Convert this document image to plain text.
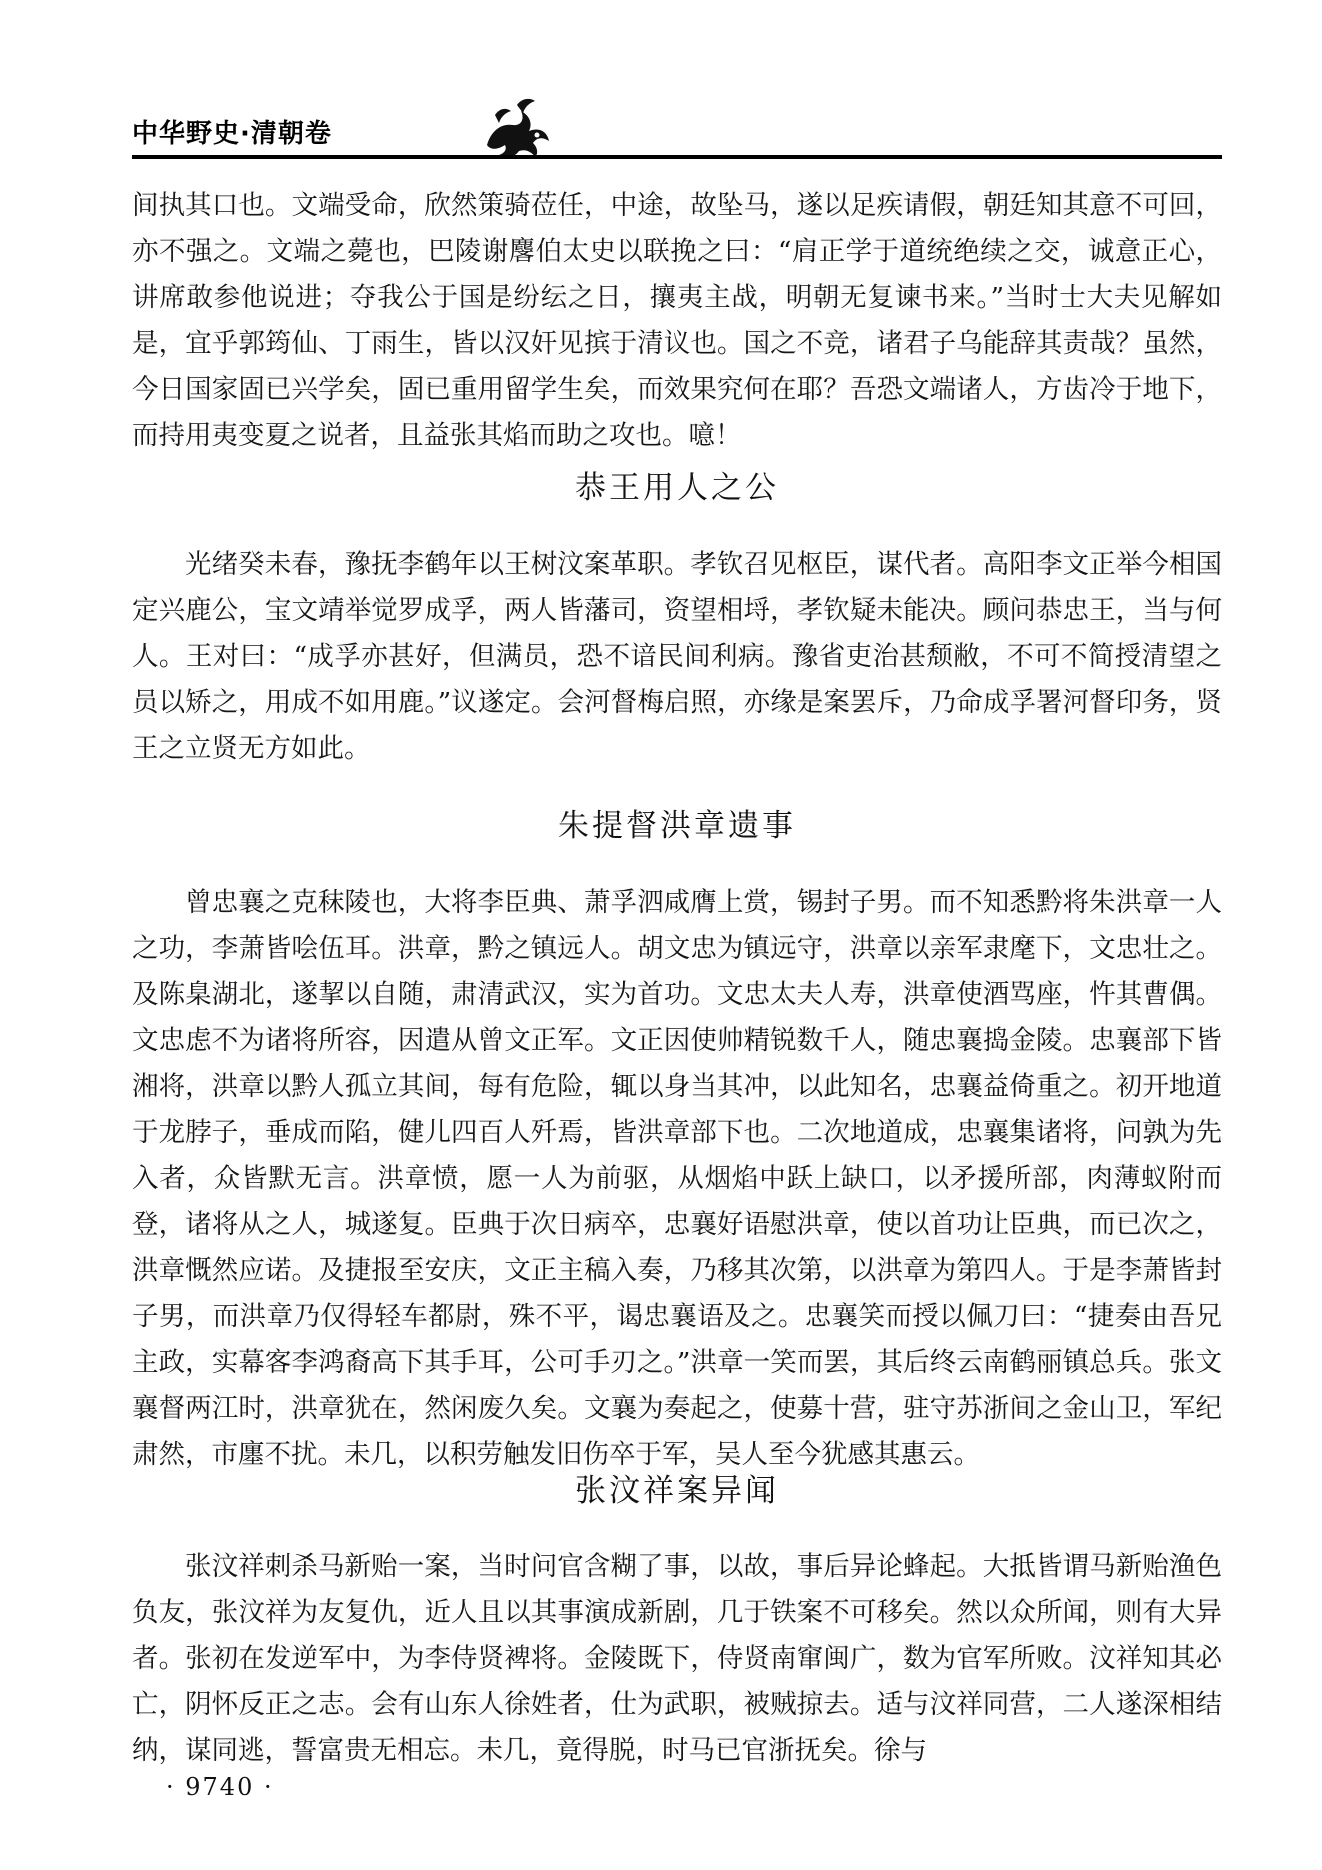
中华野史·清朝卷

间执其口也。文端受命，欣然策骑莅任，中途，故坠马，遂以足疾请假，朝廷知其意不可回，亦不强之。文端之薨也，巴陵谢麐伯太史以联挽之曰：“肩正学于道统绝续之交，诚意正心，讲席敢参他说进；夺我公于国是纷纭之日，攘夷主战，明朝无复谏书来。”当时士大夫见解如是，宜乎郭筠仙、丁雨生，皆以汉奸见摈于清议也。国之不竞，诸君子乌能辞其责哉？虽然，今日国家固已兴学矣，固已重用留学生矣，而效果究何在耶？吾恐文端诸人，方齿冷于地下，而持用夷变夏之说者，且益张其焰而助之攻也。噫！

恭王用人之公

光绪癸未春，豫抚李鹤年以王树汶案革职。孝钦召见枢臣，谋代者。高阳李文正举今相国定兴鹿公，宝文靖举觉罗成孚，两人皆藩司，资望相埒，孝钦疑未能决。顾问恭忠王，当与何人。王对曰：“成孚亦甚好，但满员，恐不谙民间利病。豫省吏治甚颓敝，不可不简授清望之员以矫之，用成不如用鹿。”议遂定。会河督梅启照，亦缘是案罢斥，乃命成孚署河督印务，贤王之立贤无方如此。

朱提督洪章遗事

曾忠襄之克秣陵也，大将李臣典、萧孚泗咸膺上赏，锡封子男。而不知悉黔将朱洪章一人之功，李萧皆哙伍耳。洪章，黔之镇远人。胡文忠为镇远守，洪章以亲军隶麾下，文忠壮之。及陈臬湖北，遂挈以自随，肃清武汉，实为首功。文忠太夫人寿，洪章使酒骂座，忤其曹偶。文忠虑不为诸将所容，因遣从曾文正军。文正因使帅精锐数千人，随忠襄捣金陵。忠襄部下皆湘将，洪章以黔人孤立其间，每有危险，辄以身当其冲，以此知名，忠襄益倚重之。初开地道于龙脖子，垂成而陷，健儿四百人歼焉，皆洪章部下也。二次地道成，忠襄集诸将，问孰为先入者，众皆默无言。洪章愤，愿一人为前驱，从烟焰中跃上缺口，以矛援所部，肉薄蚁附而登，诸将从之人，城遂复。臣典于次日病卒，忠襄好语慰洪章，使以首功让臣典，而已次之，洪章慨然应诺。及捷报至安庆，文正主稿入奏，乃移其次第，以洪章为第四人。于是李萧皆封子男，而洪章乃仅得轻车都尉，殊不平，谒忠襄语及之。忠襄笑而授以佩刀曰：“捷奏由吾兄主政，实幕客李鸿裔高下其手耳，公可手刃之。”洪章一笑而罢，其后终云南鹤丽镇总兵。张文襄督两江时，洪章犹在，然闲废久矣。文襄为奏起之，使募十营，驻守苏浙间之金山卫，军纪肃然，市廛不扰。未几，以积劳触发旧伤卒于军，吴人至今犹感其惠云。

张汶祥案异闻

张汶祥刺杀马新贻一案，当时问官含糊了事，以故，事后异论蜂起。大抵皆谓马新贻渔色负友，张汶祥为友复仇，近人且以其事演成新剧，几于铁案不可移矣。然以众所闻，则有大异者。张初在发逆军中，为李侍贤裨将。金陵既下，侍贤南窜闽广，数为官军所败。汶祥知其必亡，阴怀反正之志。会有山东人徐姓者，仕为武职，被贼掠去。适与汶祥同营，二人遂深相结纳，谋同逃，誓富贵无相忘。未几，竟得脱，时马已官浙抚矣。徐与

· 9740 ·
